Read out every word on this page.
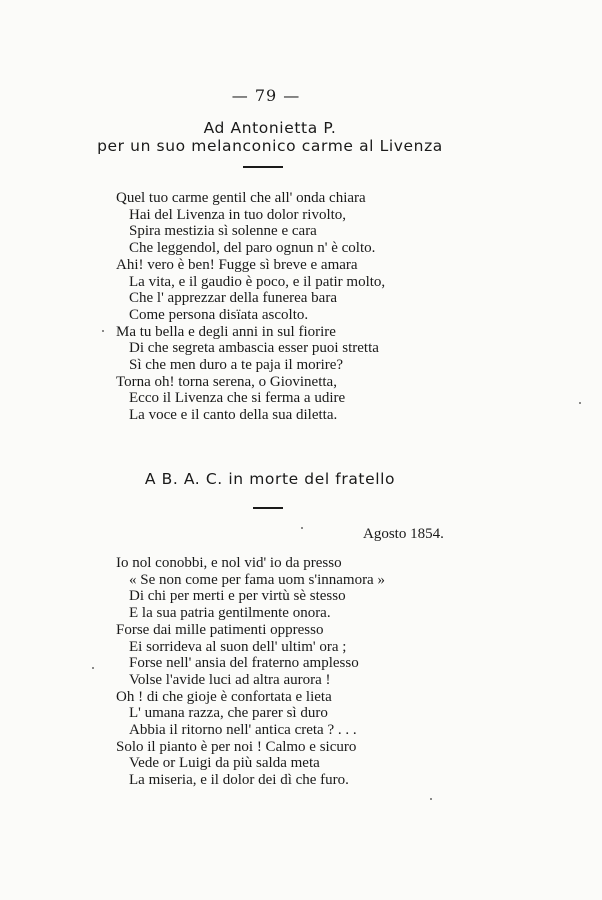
— 79 —
Ad Antonietta P.
per un suo melanconico carme al Livenza
Quel tuo carme gentil che all' onda chiara
Hai del Livenza in tuo dolor rivolto,
Spira mestizia sì solenne e cara
Che leggendol, del paro ognun n' è colto.
Ahi! vero è ben! Fugge sì breve e amara
La vita, e il gaudio è poco, e il patir molto,
Che l' apprezzar della funerea bara
Come persona disïata ascolto.
Ma tu bella e degli anni in sul fiorire
Di che segreta ambascia esser puoi stretta
Sì che men duro a te paja il morire?
Torna oh! torna serena, o Giovinetta,
Ecco il Livenza che si ferma a udire
La voce e il canto della sua diletta.
A B. A. C. in morte del fratello
Agosto 1854.
Io nol conobbi, e nol vid' io da presso
« Se non come per fama uom s'innamora »
Di chi per merti e per virtù sè stesso
E la sua patria gentilmente onora.
Forse dai mille patimenti oppresso
Ei sorrideva al suon dell' ultim' ora ;
Forse nell' ansia del fraterno amplesso
Volse l'avide luci ad altra aurora !
Oh ! di che gioje è confortata e lieta
L' umana razza, che parer sì duro
Abbia il ritorno nell' antica creta ? . . .
Solo il pianto è per noi ! Calmo e sicuro
Vede or Luigi da più salda meta
La miseria, e il dolor dei dì che furo.
